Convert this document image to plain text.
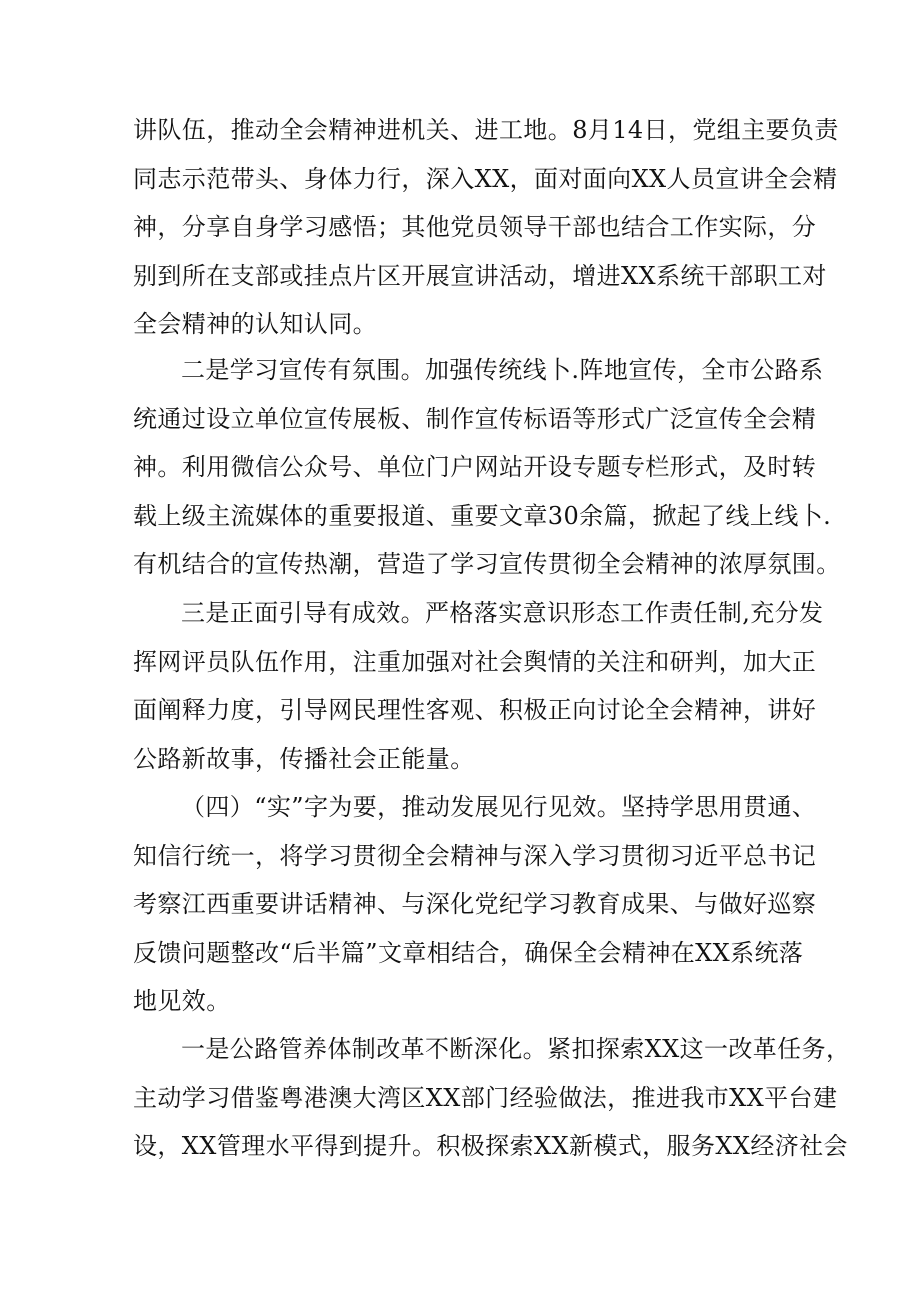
讲队伍，推动全会精神进机关、进工地。8月14日，党组主要负责
同志示范带头、身体力行，深入XX，面对面向XX人员宣讲全会精
神，分享自身学习感悟；其他党员领导干部也结合工作实际，分
别到所在支部或挂点片区开展宣讲活动，增进XX系统干部职工对
全会精神的认知认同。
二是学习宣传有氛围。加强传统线卜.阵地宣传，全市公路系
统通过设立单位宣传展板、制作宣传标语等形式广泛宣传全会精
神。利用微信公众号、单位门户网站开设专题专栏形式，及时转
载上级主流媒体的重要报道、重要文章30余篇，掀起了线上线卜.
有机结合的宣传热潮，营造了学习宣传贯彻全会精神的浓厚氛围。
三是正面引导有成效。严格落实意识形态工作责任制,充分发
挥网评员队伍作用，注重加强对社会舆情的关注和研判，加大正
面阐释力度，引导网民理性客观、积极正向讨论全会精神，讲好
公路新故事，传播社会正能量。
（四）“实”字为要，推动发展见行见效。坚持学思用贯通、
知信行统一，将学习贯彻全会精神与深入学习贯彻习近平总书记
考察江西重要讲话精神、与深化党纪学习教育成果、与做好巡察
反馈问题整改“后半篇”文章相结合，确保全会精神在XX系统落
地见效。
一是公路管养体制改革不断深化。紧扣探索XX这一改革任务，
主动学习借鉴粤港澳大湾区XX部门经验做法，推进我市XX平台建
设，XX管理水平得到提升。积极探索XX新模式，服务XX经济社会
